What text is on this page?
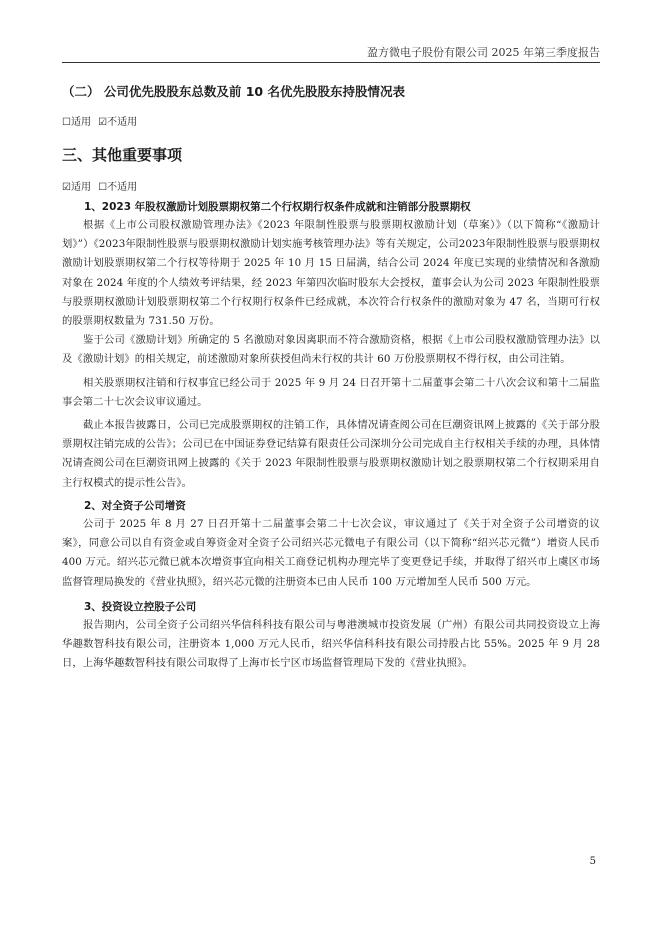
盈方微电子股份有限公司 2025 年第三季度报告
（二） 公司优先股股东总数及前 10 名优先股股东持股情况表
☐适用 ☑不适用
三、其他重要事项
☑适用 ☐不适用
1、2023 年股权激励计划股票期权第二个行权期行权条件成就和注销部分股票期权
根据《上市公司股权激励管理办法》《2023 年限制性股票与股票期权激励计划（草案）》（以下简称“《激励计划》”）《2023年限制性股票与股票期权激励计划实施考核管理办法》等有关规定，公司2023年限制性股票与股票期权激励计划股票期权第二个行权等待期于 2025 年 10 月 15 日届满，结合公司 2024 年度已实现的业绩情况和各激励对象在 2024 年度的个人绩效考评结果，经 2023 年第四次临时股东大会授权，董事会认为公司 2023 年限制性股票与股票期权激励计划股票期权第二个行权期行权条件已经成就，本次符合行权条件的激励对象为 47 名，当期可行权的股票期权数量为 731.50 万份。
鉴于公司《激励计划》所确定的 5 名激励对象因离职而不符合激励资格，根据《上市公司股权激励管理办法》以及《激励计划》的相关规定，前述激励对象所获授但尚未行权的共计 60 万份股票期权不得行权，由公司注销。
相关股票期权注销和行权事宜已经公司于 2025 年 9 月 24 日召开第十二届董事会第二十八次会议和第十二届监事会第二十七次会议审议通过。
截止本报告披露日，公司已完成股票期权的注销工作，具体情况请查阅公司在巨潮资讯网上披露的《关于部分股票期权注销完成的公告》；公司已在中国证券登记结算有限责任公司深圳分公司完成自主行权相关手续的办理，具体情况请查阅公司在巨潮资讯网上披露的《关于 2023 年限制性股票与股票期权激励计划之股票期权第二个行权期采用自主行权模式的提示性公告》。
2、对全资子公司增资
公司于 2025 年 8 月 27 日召开第十二届董事会第二十七次会议，审议通过了《关于对全资子公司增资的议案》，同意公司以自有资金或自筹资金对全资子公司绍兴芯元微电子有限公司（以下简称“绍兴芯元微”）增资人民币 400 万元。绍兴芯元微已就本次增资事宜向相关工商登记机构办理完毕了变更登记手续，并取得了绍兴市上虞区市场监督管理局换发的《营业执照》，绍兴芯元微的注册资本已由人民币 100 万元增加至人民币 500 万元。
3、投资设立控股子公司
报告期内，公司全资子公司绍兴华信科科技有限公司与粤港澳城市投资发展（广州）有限公司共同投资设立上海华趣数智科技有限公司，注册资本 1,000 万元人民币，绍兴华信科科技有限公司持股占比 55%。2025 年 9 月 28 日，上海华趣数智科技有限公司取得了上海市长宁区市场监督管理局下发的《营业执照》。
5
